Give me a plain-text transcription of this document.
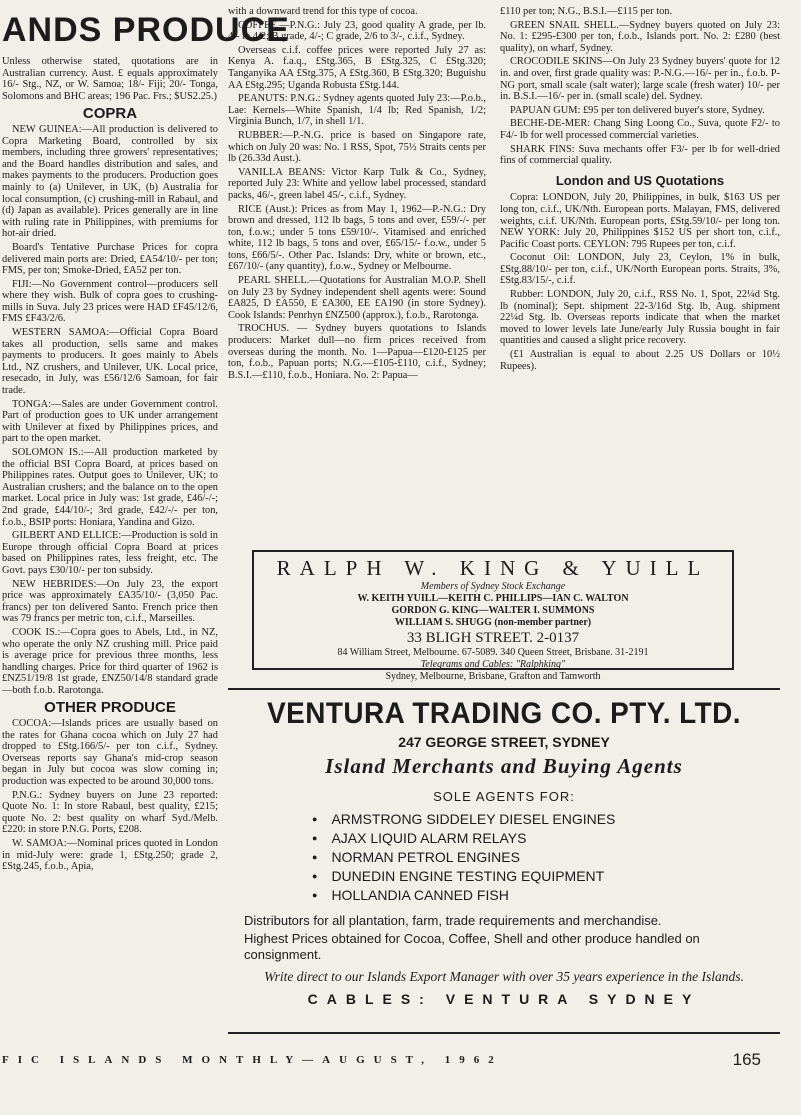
ANDS PRODUCE

Unless otherwise stated, quotations are in Australian currency. Aust. £ equals approximately 16/- Stg., NZ, or W. Samoa; 18/- Fiji; 20/- Tonga, Solomons and BHC areas; 196 Pac. Frs.; $US2.25.)

COPRA

NEW GUINEA:—All production is delivered to Copra Marketing Board, controlled by six members, including three growers' representatives; and the Board handles distribution and sales, and makes payments to the producers. Production goes mainly to (a) Unilever, in UK, (b) Australia for local consumption, (c) crushing-mill in Rabaul, and (d) Japan as available). Prices generally are in line with ruling rate in Philippines, with premiums for hot-air dried.

Board's Tentative Purchase Prices for copra delivered main ports are: Dried, £A54/10/- per ton; FMS, per ton; Smoke-Dried, £A52 per ton.

FIJI:—No Government control—producers sell where they wish. Bulk of copra goes to crushing-mills in Suva. July 23 prices were HAD £F45/12/6, FMS £F43/2/6.

WESTERN SAMOA:—Official Copra Board takes all production, sells same and makes payments to producers. It goes mainly to Abels Ltd., NZ crushers, and Unilever, UK. Local price, resecado, in July, was £56/12/6 Samoan, for fair trade.

TONGA:—Sales are under Government control. Part of production goes to UK under arrangement with Unilever at fixed by Philippines prices, and part to the open market.

SOLOMON IS.:—All production marketed by the official BSI Copra Board, at prices based on Philippines rates. Output goes to Unilever, UK; to Australian crushers; and the balance on to the open market. Local price in July was: 1st grade, £46/-/-; 2nd grade, £44/10/-; 3rd grade, £42/-/- per ton, f.o.b., BSIP ports: Honiara, Yandina and Gizo.

GILBERT AND ELLICE:—Production is sold in Europe through official Copra Board at prices based on Philippines rates, less freight, etc. The Govt. pays £30/10/- per ton subsidy.

NEW HEBRIDES:—On July 23, the export price was approximately £A35/10/- (3,050 Pac. francs) per ton delivered Santo. French price then was 79 francs per metric ton, c.i.f., Marseilles.

COOK IS.:—Copra goes to Abels, Ltd., in NZ, who operate the only NZ crushing mill. Price paid is average price for previous three months, less handling charges. Price for third quarter of 1962 is £NZ51/19/8 1st grade, £NZ50/14/8 standard grade—both f.o.b. Rarotonga.

OTHER PRODUCE

COCOA:—Islands prices are usually based on the rates for Ghana cocoa which on July 27 had dropped to £Stg.166/5/- per ton c.i.f., Sydney. Overseas reports say Ghana's mid-crop season began in July but cocoa was slow coming in; production was expected to be around 30,000 tons.

P.N.G.: Sydney buyers on June 23 reported: Quote No. 1: In store Rabaul, best quality, £215; quote No. 2: best quality on wharf Syd./Melb. £220: in store P.N.G. Ports, £208.

W. SAMOA:—Nominal prices quoted in London in mid-July were: grade 1, £Stg.250; grade 2, £Stg.245, f.o.b., Apia,

with a downward trend for this type of cocoa.

COFFEE.—P.N.G.: July 23, good quality A grade, per lb. 4/- to 4/2; B grade, 4/-; C grade, 2/6 to 3/-, c.i.f., Sydney.

Overseas c.i.f. coffee prices were reported July 27 as: Kenya A. f.a.q., £Stg.365, B £Stg.325, C £Stg.320; Tanganyika AA £Stg.375, A £Stg.360, B £Stg.320; Buguishu AA £Stg.295; Uganda Robusta £Stg.144.

PEANUTS: P.N.G.: Sydney agents quoted July 23:—P.o.b., Lae: Kernels—White Spanish, 1/4 lb; Red Spanish, 1/2; Virginia Bunch, 1/7, in shell 1/1.

RUBBER:—P.-N.G. price is based on Singapore rate, which on July 20 was: No. 1 RSS, Spot, 75½ Straits cents per lb (26.33d Aust.).

VANILLA BEANS: Victor Karp Tulk & Co., Sydney, reported July 23: White and yellow label processed, standard packs, 46/-, green label 45/-, c.i.f., Sydney.

RICE (Aust.): Prices as from May 1, 1962—P.-N.G.: Dry brown and dressed, 112 lb bags, 5 tons and over, £59/-/- per ton, f.o.w.; under 5 tons £59/10/-. Vitamised and enriched white, 112 lb bags, 5 tons and over, £65/15/- f.o.w., under 5 tons, £66/5/-. Other Pac. Islands: Dry, white or brown, etc., £67/10/- (any quantity), f.o.w., Sydney or Melbourne.

PEARL SHELL.—Quotations for Australian M.O.P. Shell on July 23 by Sydney independent shell agents were: Sound £A825, D £A550, E £A300, EE £A190 (in store Sydney). Cook Islands: Penrhyn £NZ500 (approx.), f.o.b., Rarotonga.

TROCHUS. — Sydney buyers quotations to Islands producers: Market dull—no firm prices received from overseas during the month. No. 1—Papua—£120-£125 per ton, f.o.b., Papuan ports; N.G.—£105-£110, c.i.f., Sydney; B.S.I.—£110, f.o.b., Honiara. No. 2: Papua—

£110 per ton; N.G., B.S.I.—£115 per ton.

GREEN SNAIL SHELL.—Sydney buyers quoted on July 23: No. 1: £295-£300 per ton, f.o.b., Islands port. No. 2: £280 (best quality), on wharf, Sydney.

CROCODILE SKINS—On July 23 Sydney buyers' quote for 12 in. and over, first grade quality was: P.-N.G.—16/- per in., f.o.b. P-NG port, small scale (salt water); large scale (fresh water) 10/- per in. B.S.I.—16/- per in. (small scale) del. Sydney.

PAPUAN GUM: £95 per ton delivered buyer's store, Sydney.

BECHE-DE-MER: Chang Sing Loong Co., Suva, quote F2/- to F4/- lb for well processed commercial varieties.

SHARK FINS: Suva mechants offer F3/- per lb for well-dried fins of commercial quality.

London and US Quotations

Copra: LONDON, July 20, Philippines, in bulk, $163 US per long ton, c.i.f., UK/Nth. European ports. Malayan, FMS, delivered weights, c.i.f. UK/Nth. European ports, £Stg.59/10/- per long ton. NEW YORK: July 20, Philippines $152 US per short ton, c.i.f., Pacific Coast ports. CEYLON: 795 Rupees per ton, c.i.f.

Coconut Oil: LONDON, July 23, Ceylon, 1% in bulk, £Stg.88/10/- per ton, c.i.f., UK/North European ports. Straits, 3%, £Stg.83/15/-, c.i.f.

Rubber: LONDON, July 20, c.i.f., RSS No. 1, Spot, 22¼d Stg. lb (nominal); Sept. shipment 22-3/16d Stg. lb, Aug. shipment 22¼d Stg. lb. Overseas reports indicate that when the market moved to lower levels late June/early July Russia bought in fair quantities and caused a slight price recovery.

(£1 Australian is equal to about 2.25 US Dollars or 10½ Rupees).

RALPH W. KING & YUILL
Members of Sydney Stock Exchange
W. KEITH YUILL—KEITH C. PHILLIPS—IAN C. WALTON
GORDON G. KING—WALTER I. SUMMONS
WILLIAM S. SHUGG (non-member partner)
33 BLIGH STREET. 2-0137
84 William Street, Melbourne. 67-5089. 340 Queen Street, Brisbane. 31-2191
Telegrams and Cables: "Ralphking"
Sydney, Melbourne, Brisbane, Grafton and Tamworth
VENTURA TRADING CO. PTY. LTD.
247 GEORGE STREET, SYDNEY
Island Merchants and Buying Agents
SOLE AGENTS FOR:
● ARMSTRONG SIDDELEY DIESEL ENGINES
● AJAX LIQUID ALARM RELAYS
● NORMAN PETROL ENGINES
● DUNEDIN ENGINE TESTING EQUIPMENT
● HOLLANDIA CANNED FISH
Distributors for all plantation, farm, trade requirements and merchandise.
Highest Prices obtained for Cocoa, Coffee, Shell and other produce handled on consignment.
Write direct to our Islands Export Manager with over 35 years experience in the Islands.
CABLES: VENTURA SYDNEY
FIC ISLANDS MONTHLY—AUGUST, 1962	165
